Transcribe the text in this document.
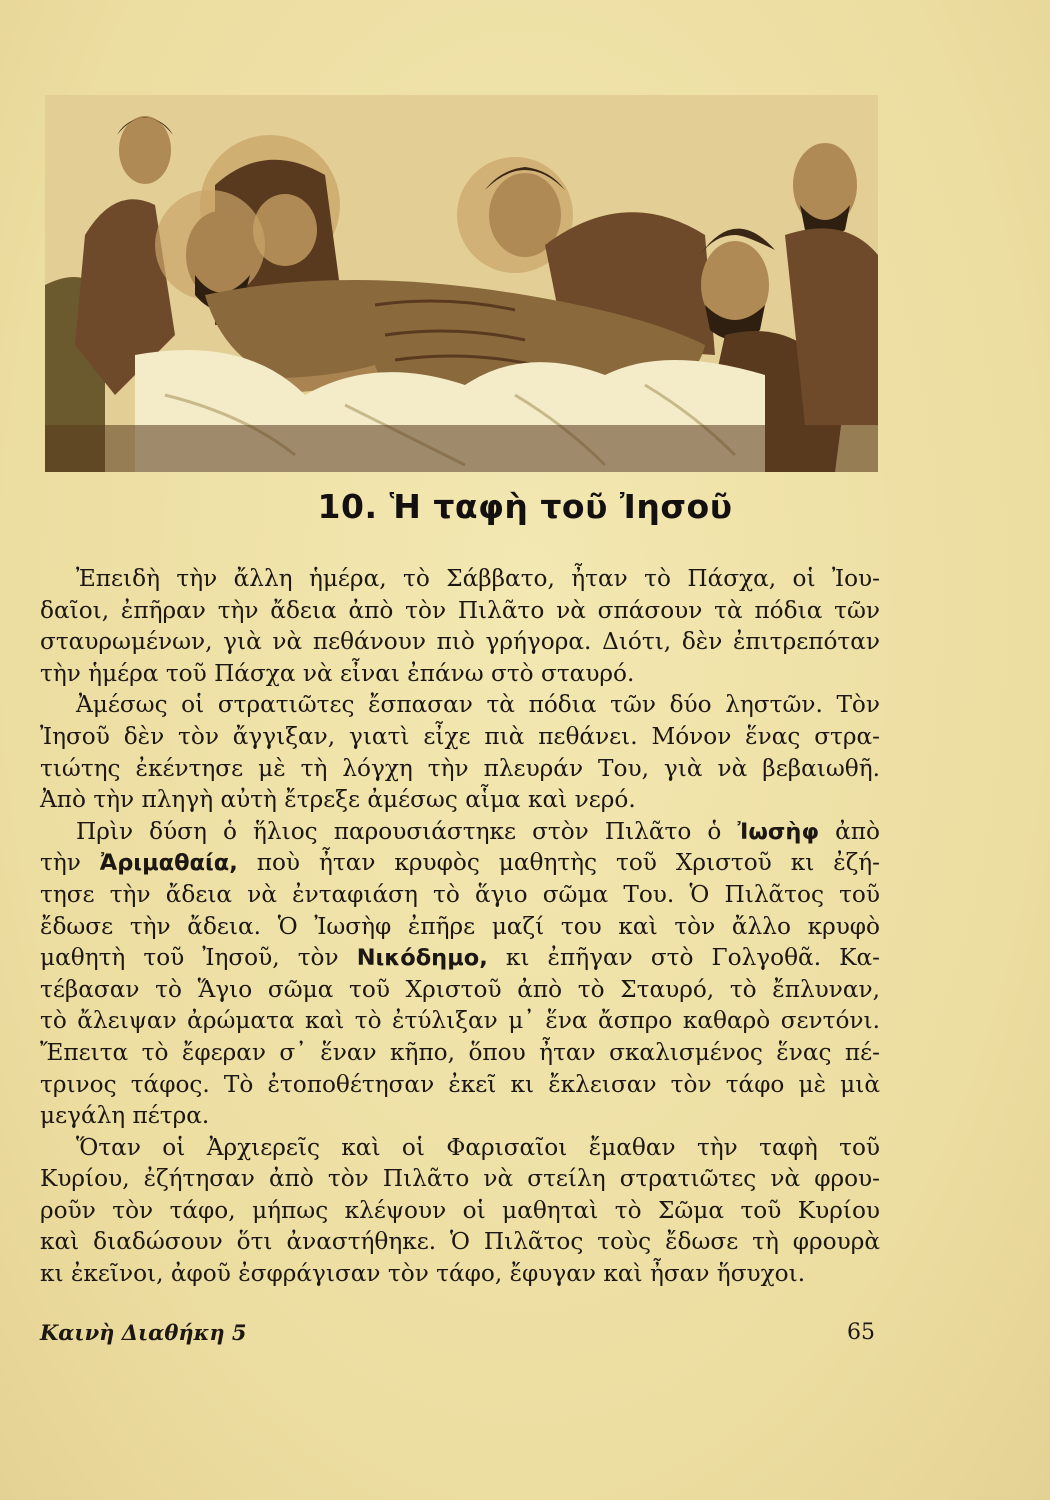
10. Ἡ ταφὴ τοῦ Ἰησοῦ
Ἐπειδὴ τὴν ἄλλη ἡμέρα, τὸ Σάββατο, ἦταν τὸ Πάσχα, οἱ Ἰου-
δαῖοι, ἐπῆραν τὴν ἄδεια ἀπὸ τὸν Πιλᾶτο νὰ σπάσουν τὰ πόδια τῶν
σταυρωμένων, γιὰ νὰ πεθάνουν πιὸ γρήγορα. Διότι, δὲν ἐπιτρεπόταν
τὴν ἡμέρα τοῦ Πάσχα νὰ εἶναι ἐπάνω στὸ σταυρό.
Ἀμέσως οἱ στρατιῶτες ἔσπασαν τὰ πόδια τῶν δύο ληστῶν. Τὸν
Ἰησοῦ δὲν τὸν ἄγγιξαν, γιατὶ εἶχε πιὰ πεθάνει. Μόνον ἕνας στρα-
τιώτης ἐκέντησε μὲ τὴ λόγχη τὴν πλευράν Του, γιὰ νὰ βεβαιωθῆ.
Ἀπὸ τὴν πληγὴ αὐτὴ ἔτρεξε ἀμέσως αἷμα καὶ νερό.
Πρὶν δύση ὁ ἥλιος παρουσιάστηκε στὸν Πιλᾶτο ὁ Ἰωσὴφ ἀπὸ
τὴν Ἀριμαθαία, ποὺ ἦταν κρυφὸς μαθητὴς τοῦ Χριστοῦ κι ἐζή-
τησε τὴν ἄδεια νὰ ἐνταφιάση τὸ ἅγιο σῶμα Του. Ὁ Πιλᾶτος τοῦ
ἔδωσε τὴν ἄδεια. Ὁ Ἰωσὴφ ἐπῆρε μαζί του καὶ τὸν ἄλλο κρυφὸ
μαθητὴ τοῦ Ἰησοῦ, τὸν Νικόδημο, κι ἐπῆγαν στὸ Γολγοθᾶ. Κα-
τέβασαν τὸ Ἅγιο σῶμα τοῦ Χριστοῦ ἀπὸ τὸ Σταυρό, τὸ ἔπλυναν,
τὸ ἄλειψαν ἀρώματα καὶ τὸ ἐτύλιξαν μ᾽ ἕνα ἄσπρο καθαρὸ σεντόνι.
Ἔπειτα τὸ ἔφεραν σ᾽ ἕναν κῆπο, ὅπου ἦταν σκαλισμένος ἕνας πέ-
τρινος τάφος. Τὸ ἐτοποθέτησαν ἐκεῖ κι ἔκλεισαν τὸν τάφο μὲ μιὰ
μεγάλη πέτρα.
Ὅταν οἱ Ἀρχιερεῖς καὶ οἱ Φαρισαῖοι ἔμαθαν τὴν ταφὴ τοῦ
Κυρίου, ἐζήτησαν ἀπὸ τὸν Πιλᾶτο νὰ στείλη στρατιῶτες νὰ φρου-
ροῦν τὸν τάφο, μήπως κλέψουν οἱ μαθηταὶ τὸ Σῶμα τοῦ Κυρίου
καὶ διαδώσουν ὅτι ἀναστήθηκε. Ὁ Πιλᾶτος τοὺς ἔδωσε τὴ φρουρὰ
κι ἐκεῖνοι, ἀφοῦ ἐσφράγισαν τὸν τάφο, ἔφυγαν καὶ ἦσαν ἥσυχοι.
Καινὴ Διαθήκη 5	65
